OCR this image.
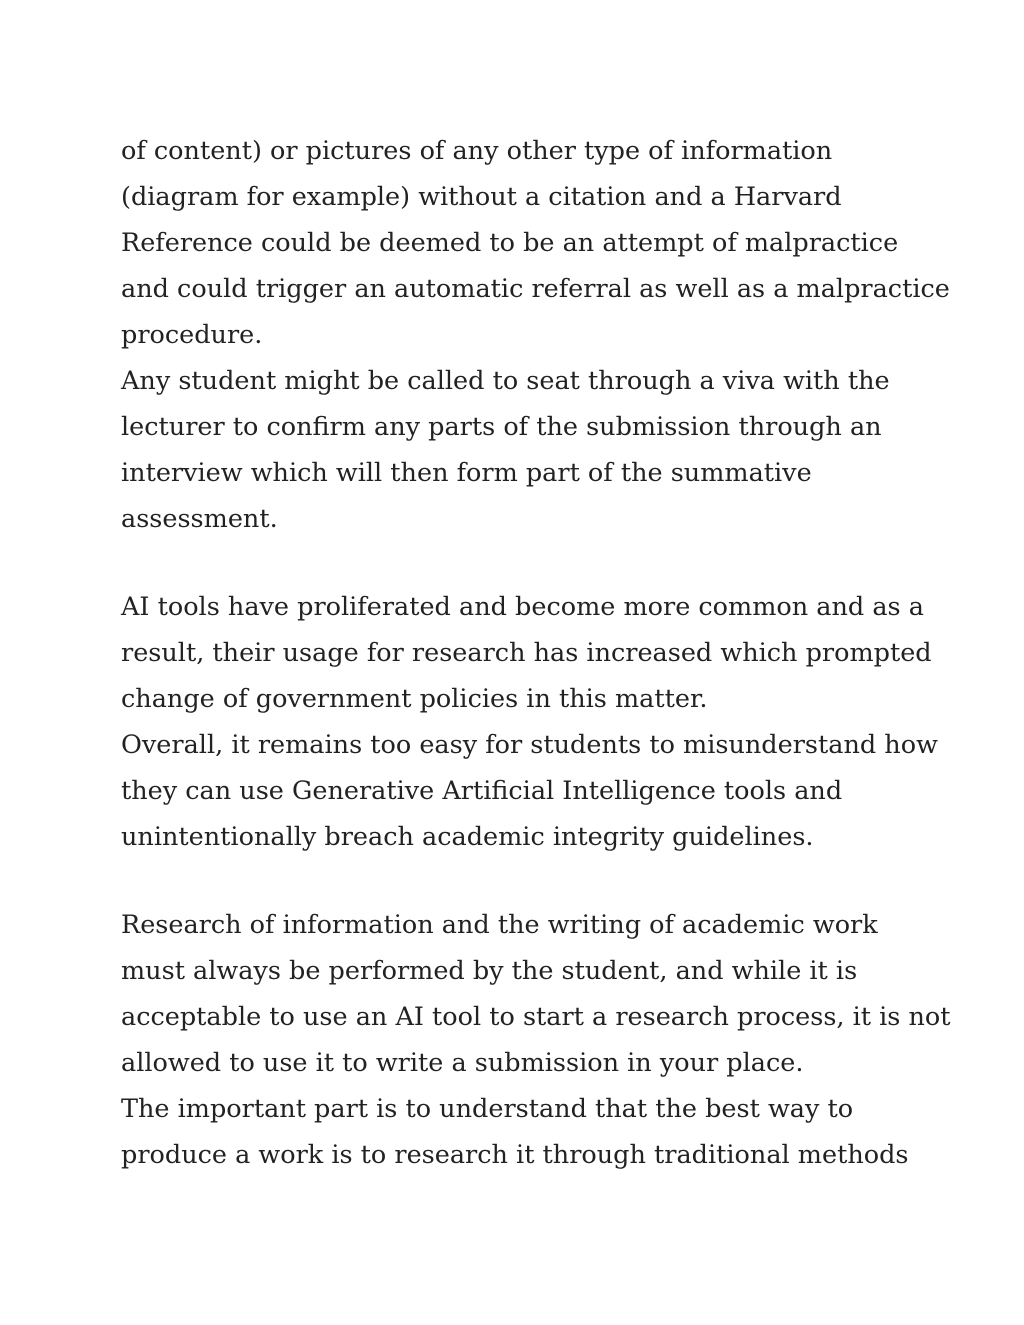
of content) or pictures of any other type of information
(diagram for example) without a citation and a Harvard
Reference could be deemed to be an attempt of malpractice
and could trigger an automatic referral as well as a malpractice
procedure.
Any student might be called to seat through a viva with the
lecturer to confirm any parts of the submission through an
interview which will then form part of the summative
assessment.
AI tools have proliferated and become more common and as a
result, their usage for research has increased which prompted
change of government policies in this matter.
Overall, it remains too easy for students to misunderstand how
they can use Generative Artificial Intelligence tools and
unintentionally breach academic integrity guidelines.
Research of information and the writing of academic work
must always be performed by the student, and while it is
acceptable to use an AI tool to start a research process, it is not
allowed to use it to write a submission in your place.
The important part is to understand that the best way to
produce a work is to research it through traditional methods
